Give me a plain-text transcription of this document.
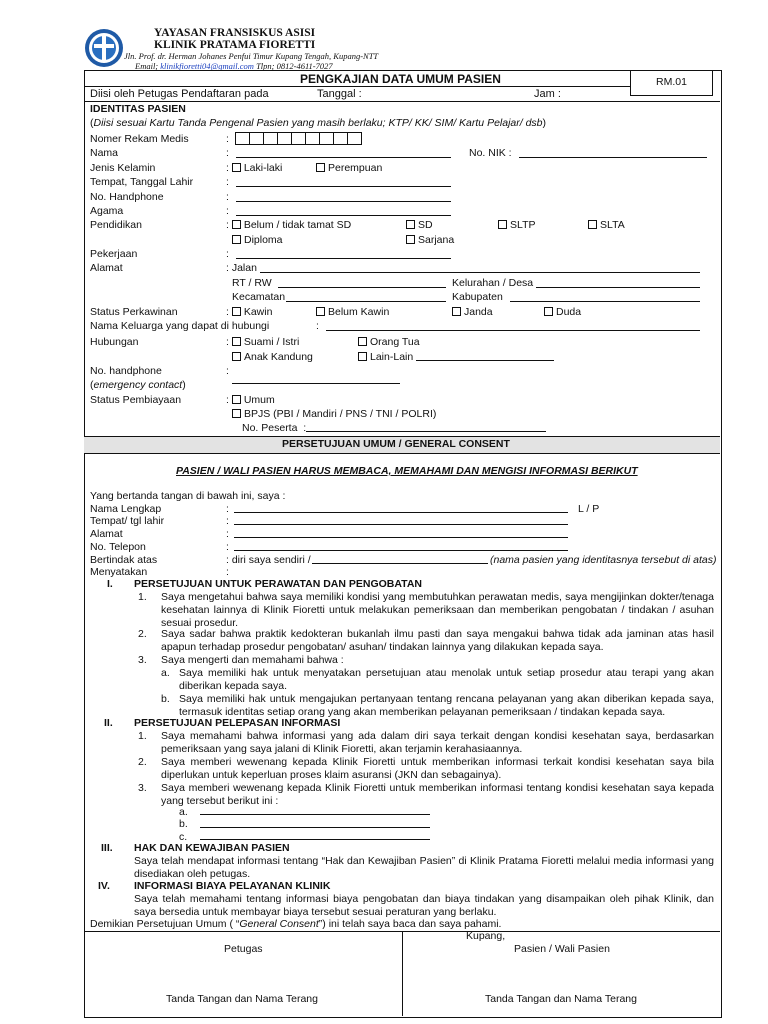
YAYASAN FRANSISKUS ASISI
KLINIK PRATAMA FIORETTI
Jln. Prof. dr. Herman Johanes Penfui Timur Kupang Tengah, Kupang-NTT
Email; klinikfioretti04@gmail.com Tlpn; 0812-4611-7027
PENGKAJIAN DATA UMUM PASIEN	RM.01
Diisi oleh Petugas Pendaftaran pada	Tanggal :	Jam :
IDENTITAS PASIEN
(Diisi sesuai Kartu Tanda Pengenal Pasien yang masih berlaku; KTP/ KK/ SIM/ Kartu Pelajar/ dsb)
Nomer Rekam Medis	:
Nama	:	No. NIK :
Jenis Kelamin	: Laki-laki	Perempuan
Tempat, Tanggal Lahir	:
No. Handphone	:
Agama	:
Pendidikan	: Belum / tidak tamat SD	SD	SLTP	SLTA
Diploma	Sarjana
Pekerjaan	:
Alamat	: Jalan
RT / RW	Kelurahan / Desa
Kecamatan	Kabupaten
Status Perkawinan	: Kawin	Belum Kawin	Janda	Duda
Nama Keluarga yang dapat di hubungi	:
Hubungan	: Suami / Istri	Orang Tua
Anak Kandung	Lain-Lain
No. handphone	:
(emergency contact)
Status Pembiayaan	: Umum
BPJS (PBI / Mandiri / PNS / TNI / POLRI)
No. Peserta  :
PERSETUJUAN UMUM / GENERAL CONSENT
PASIEN / WALI PASIEN HARUS MEMBACA, MEMAHAMI DAN MENGISI INFORMASI BERIKUT
Yang bertanda tangan di bawah ini, saya :
Nama Lengkap	:	L / P
Tempat/ tgl lahir	:
Alamat	:
No. Telepon	:
Bertindak atas	: diri saya sendiri /	(nama pasien yang identitasnya tersebut di atas)
Menyatakan	:
I. PERSETUJUAN UNTUK PERAWATAN DAN PENGOBATAN
1. Saya mengetahui bahwa saya memiliki kondisi yang membutuhkan perawatan medis, saya mengijinkan dokter/tenaga kesehatan lainnya di Klinik Fioretti untuk melakukan pemeriksaan dan memberikan pengobatan / tindakan / asuhan sesuai prosedur.
2. Saya sadar bahwa praktik kedokteran bukanlah ilmu pasti dan saya mengakui bahwa tidak ada jaminan atas hasil apapun terhadap prosedur pengobatan/ asuhan/ tindakan lainnya yang dilakukan kepada saya.
3. Saya mengerti dan memahami bahwa :
a. Saya memiliki hak untuk menyatakan persetujuan atau menolak untuk setiap prosedur atau terapi yang akan diberikan kepada saya.
b. Saya memiliki hak untuk mengajukan pertanyaan tentang rencana pelayanan yang akan diberikan kepada saya, termasuk identitas setiap orang yang akan memberikan pelayanan pemeriksaan / tindakan kepada saya.
II. PERSETUJUAN PELEPASAN INFORMASI
1. Saya memahami bahwa informasi yang ada dalam diri saya terkait dengan kondisi kesehatan saya, berdasarkan pemeriksaan yang saya jalani di Klinik Fioretti, akan terjamin kerahasiaannya.
2. Saya memberi wewenang kepada Klinik Fioretti untuk memberikan informasi terkait kondisi kesehatan saya bila diperlukan untuk keperluan proses klaim asuransi (JKN dan sebagainya).
3. Saya memberi wewenang kepada Klinik Fioretti untuk memberikan informasi tentang kondisi kesehatan saya kepada yang tersebut berikut ini :
a.
b.
c.
III. HAK DAN KEWAJIBAN PASIEN
Saya telah mendapat informasi tentang “Hak dan Kewajiban Pasien” di Klinik Pratama Fioretti melalui media informasi yang disediakan oleh petugas.
IV. INFORMASI BIAYA PELAYANAN KLINIK
Saya telah memahami tentang informasi biaya pengobatan dan biaya tindakan yang disampaikan oleh pihak Klinik, dan saya bersedia untuk membayar biaya tersebut sesuai peraturan yang berlaku.
Demikian Persetujuan Umum ( “General Consent”) ini telah saya baca dan saya pahami.
Kupang,
Petugas	Pasien / Wali Pasien
Tanda Tangan dan Nama Terang	Tanda Tangan dan Nama Terang
